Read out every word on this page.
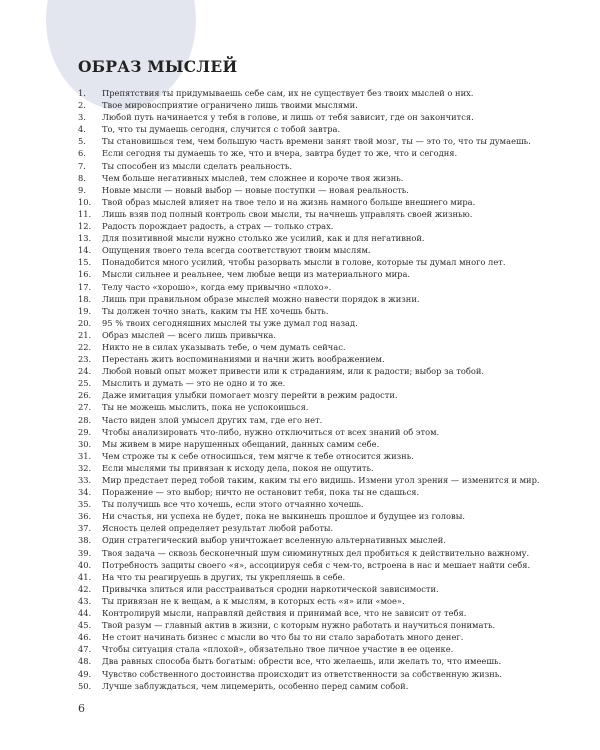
ОБРАЗ МЫСЛЕЙ
1.	Препятствия ты придумываешь себе сам, их не существует без твоих мыслей о них.
2.	Твое мировосприятие ограничено лишь твоими мыслями.
3.	Любой путь начинается у тебя в голове, и лишь от тебя зависит, где он закончится.
4.	То, что ты думаешь сегодня, случится с тобой завтра.
5.	Ты становишься тем, чем большую часть времени занят твой мозг, ты — это то, что ты думаешь.
6.	Если сегодня ты думаешь то же, что и вчера, завтра будет то же, что и сегодня.
7.	Ты способен из мысли сделать реальность.
8.	Чем больше негативных мыслей, тем сложнее и короче твоя жизнь.
9.	Новые мысли — новый выбор — новые поступки — новая реальность.
10.	Твой образ мыслей влияет на твое тело и на жизнь намного больше внешнего мира.
11.	Лишь взяв под полный контроль свои мысли, ты начнешь управлять своей жизнью.
12.	Радость порождает радость, а страх — только страх.
13.	Для позитивной мысли нужно столько же усилий, как и для негативной.
14.	Ощущения твоего тела всегда соответствуют твоим мыслям.
15.	Понадобится много усилий, чтобы разорвать мысли в голове, которые ты думал много лет.
16.	Мысли сильнее и реальнее, чем любые вещи из материального мира.
17.	Телу часто «хорошо», когда ему привычно «плохо».
18.	Лишь при правильном образе мыслей можно навести порядок в жизни.
19.	Ты должен точно знать, каким ты НЕ хочешь быть.
20.	95 % твоих сегодняшних мыслей ты уже думал год назад.
21.	Образ мыслей — всего лишь привычка.
22.	Никто не в силах указывать тебе, о чем думать сейчас.
23.	Перестань жить воспоминаниями и начни жить воображением.
24.	Любой новый опыт может привести или к страданиям, или к радости; выбор за тобой.
25.	Мыслить и думать — это не одно и то же.
26.	Даже имитация улыбки помогает мозгу перейти в режим радости.
27.	Ты не можешь мыслить, пока не успокоишься.
28.	Часто виден злой умысел других там, где его нет.
29.	Чтобы анализировать что-либо, нужно отключиться от всех знаний об этом.
30.	Мы живем в мире нарушенных обещаний, данных самим себе.
31.	Чем строже ты к себе относишься, тем мягче к тебе относится жизнь.
32.	Если мыслями ты привязан к исходу дела, покоя не ощутить.
33.	Мир предстает перед тобой таким, каким ты его видишь. Измени угол зрения — изменится и мир.
34.	Поражение — это выбор; ничто не остановит тебя, пока ты не сдашься.
35.	Ты получишь все что хочешь, если этого отчаянно хочешь.
36.	Ни счастья, ни успеха не будет, пока не выкинешь прошлое и будущее из головы.
37.	Ясность целей определяет результат любой работы.
38.	Один стратегический выбор уничтожает вселенную альтернативных мыслей.
39.	Твоя задача — сквозь бесконечный шум сиюминутных дел пробиться к действительно важному.
40.	Потребность защиты своего «я», ассоциируя себя с чем-то, встроена в нас и мешает найти себя.
41.	На что ты реагируешь в других, ты укрепляешь в себе.
42.	Привычка злиться или расстраиваться сродни наркотической зависимости.
43.	Ты привязан не к вещам, а к мыслям, в которых есть «я» или «мое».
44.	Контролируй мысли, направляй действия и принимай все, что не зависит от тебя.
45.	Твой разум — главный актив в жизни, с которым нужно работать и научиться понимать.
46.	Не стоит начинать бизнес с мысли во что бы то ни стало заработать много денег.
47.	Чтобы ситуация стала «плохой», обязательно твое личное участие в ее оценке.
48.	Два равных способа быть богатым: обрести все, что желаешь, или желать то, что имеешь.
49.	Чувство собственного достоинства происходит из ответственности за собственную жизнь.
50.	Лучше заблуждаться, чем лицемерить, особенно перед самим собой.
6
